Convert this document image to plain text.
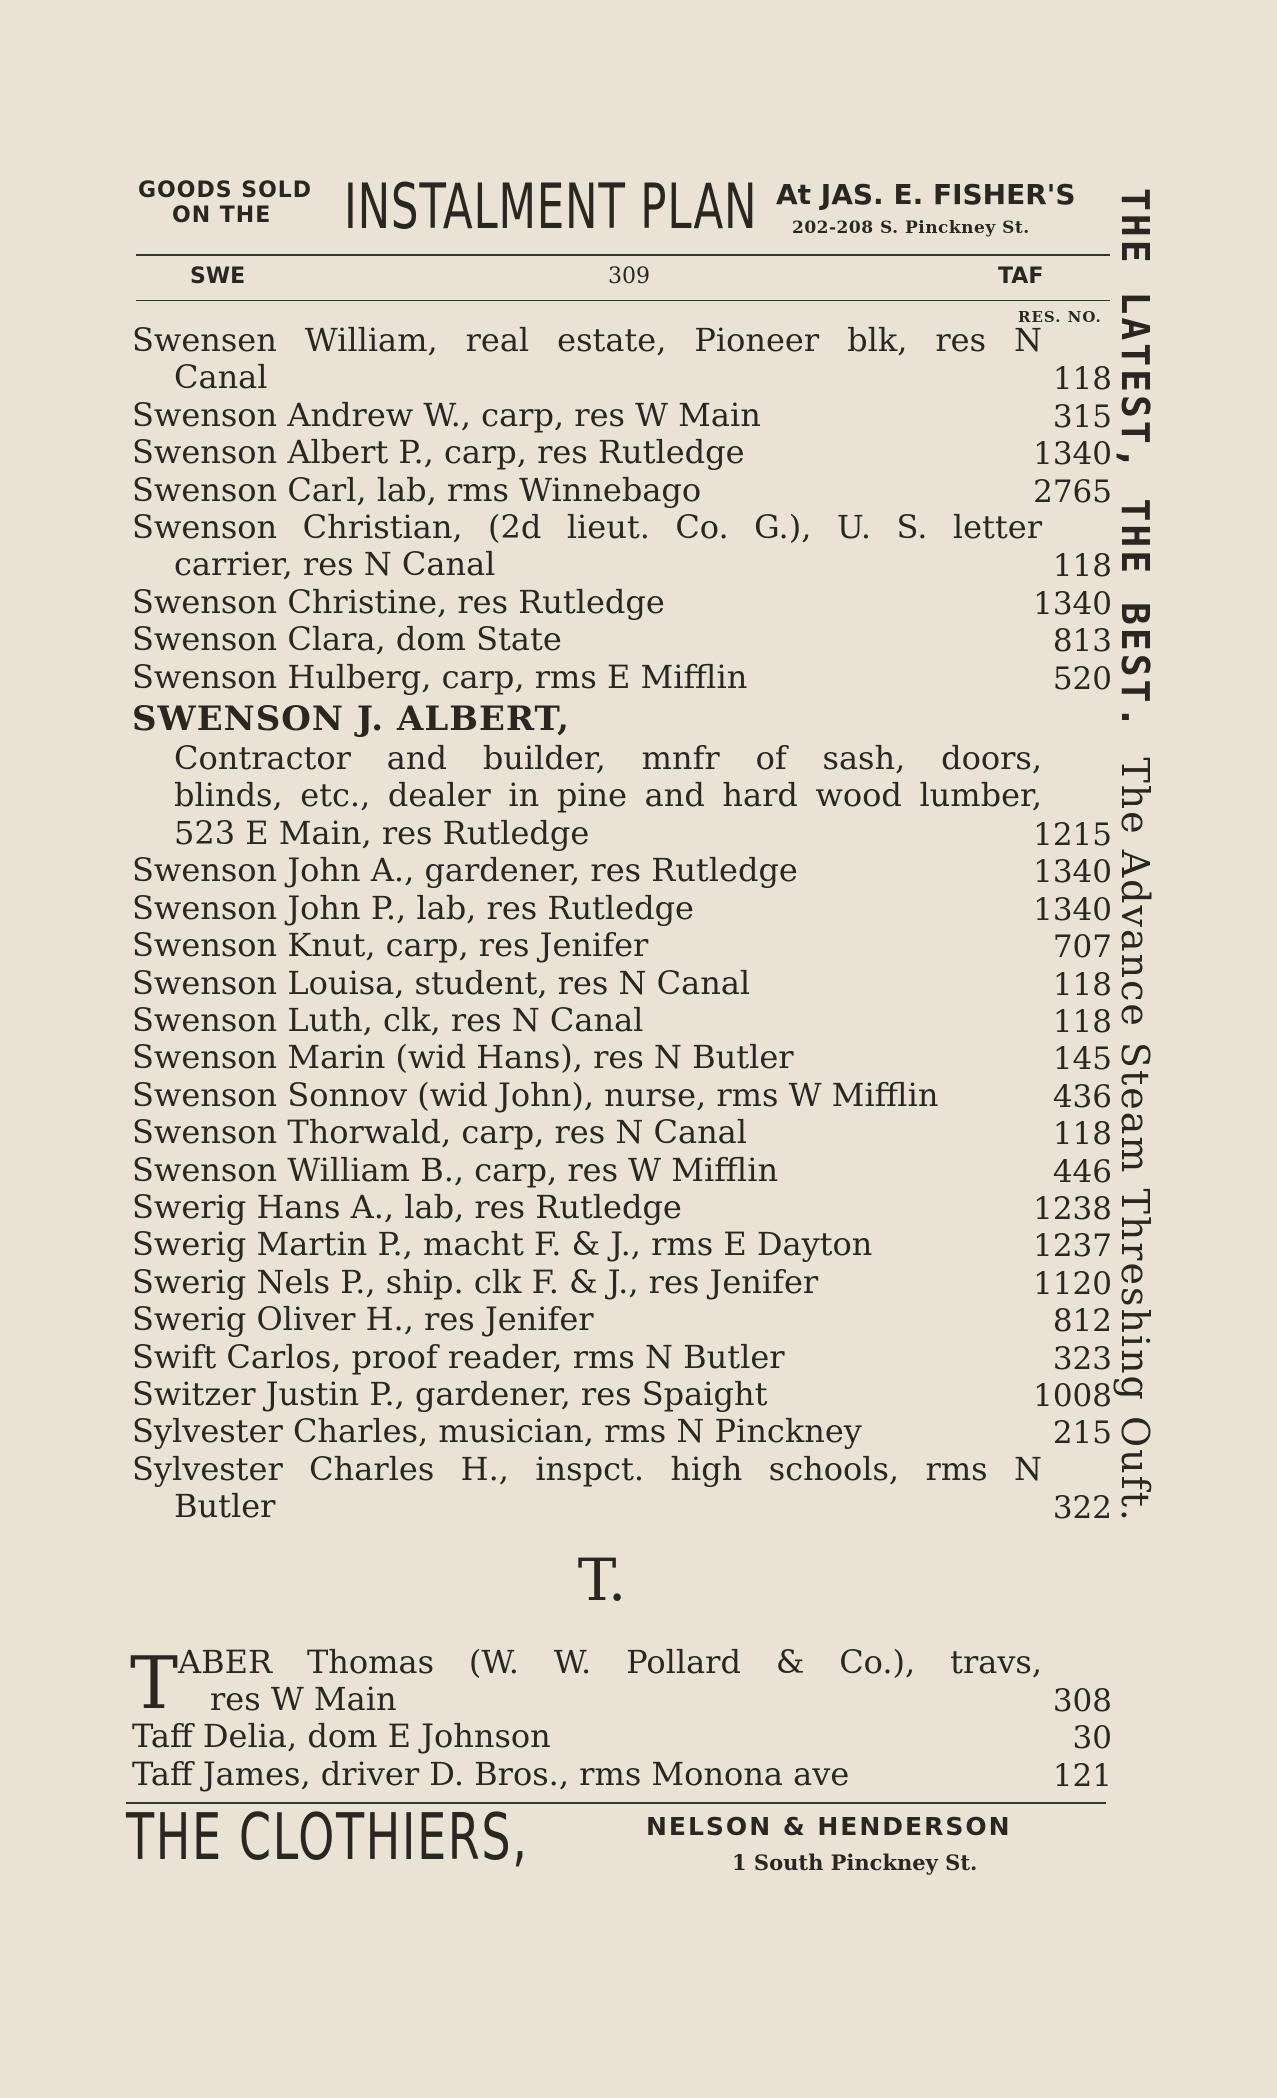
GOODS SOLD
ON THE	INSTALMENT PLAN At JAS. E. FISHER'S
202-208 S. Pinckney St.
SWE	309	TAF
RES. NO.
Swensen William, real estate, Pioneer blk, res N
Canal	118
Swenson Andrew W., carp, res W Main	315
Swenson Albert P., carp, res Rutledge	1340
Swenson Carl, lab, rms Winnebago	2765
Swenson Christian, (2d lieut. Co. G.), U. S. letter
carrier, res N Canal	118
Swenson Christine, res Rutledge	1340
Swenson Clara, dom State	813
Swenson Hulberg, carp, rms E Mifflin	520
SWENSON J. ALBERT,
Contractor and builder, mnfr of sash, doors,
blinds, etc., dealer in pine and hard wood lumber,
523 E Main, res Rutledge	1215
Swenson John A., gardener, res Rutledge	1340
Swenson John P., lab, res Rutledge	1340
Swenson Knut, carp, res Jenifer	707
Swenson Louisa, student, res N Canal	118
Swenson Luth, clk, res N Canal	118
Swenson Marin (wid Hans), res N Butler	145
Swenson Sonnov (wid John), nurse, rms W Mifflin	436
Swenson Thorwald, carp, res N Canal	118
Swenson William B., carp, res W Mifflin	446
Swerig Hans A., lab, res Rutledge	1238
Swerig Martin P., macht F. & J., rms E Dayton	1237
Swerig Nels P., ship. clk F. & J., res Jenifer	1120
Swerig Oliver H., res Jenifer	812
Swift Carlos, proof reader, rms N Butler	323
Switzer Justin P., gardener, res Spaight	1008
Sylvester Charles, musician, rms N Pinckney	215
Sylvester Charles H., inspct. high schools, rms N
Butler	322
T.
T ABER Thomas (W. W. Pollard & Co.), travs,
res W Main	308
Taff Delia, dom E Johnson	30
Taff James, driver D. Bros., rms Monona ave	121
THE CLOTHIERS,	NELSON & HENDERSON
1 South Pinckney St.
THE LATEST, THE BEST. The Advance Steam Threshing Ouft.
